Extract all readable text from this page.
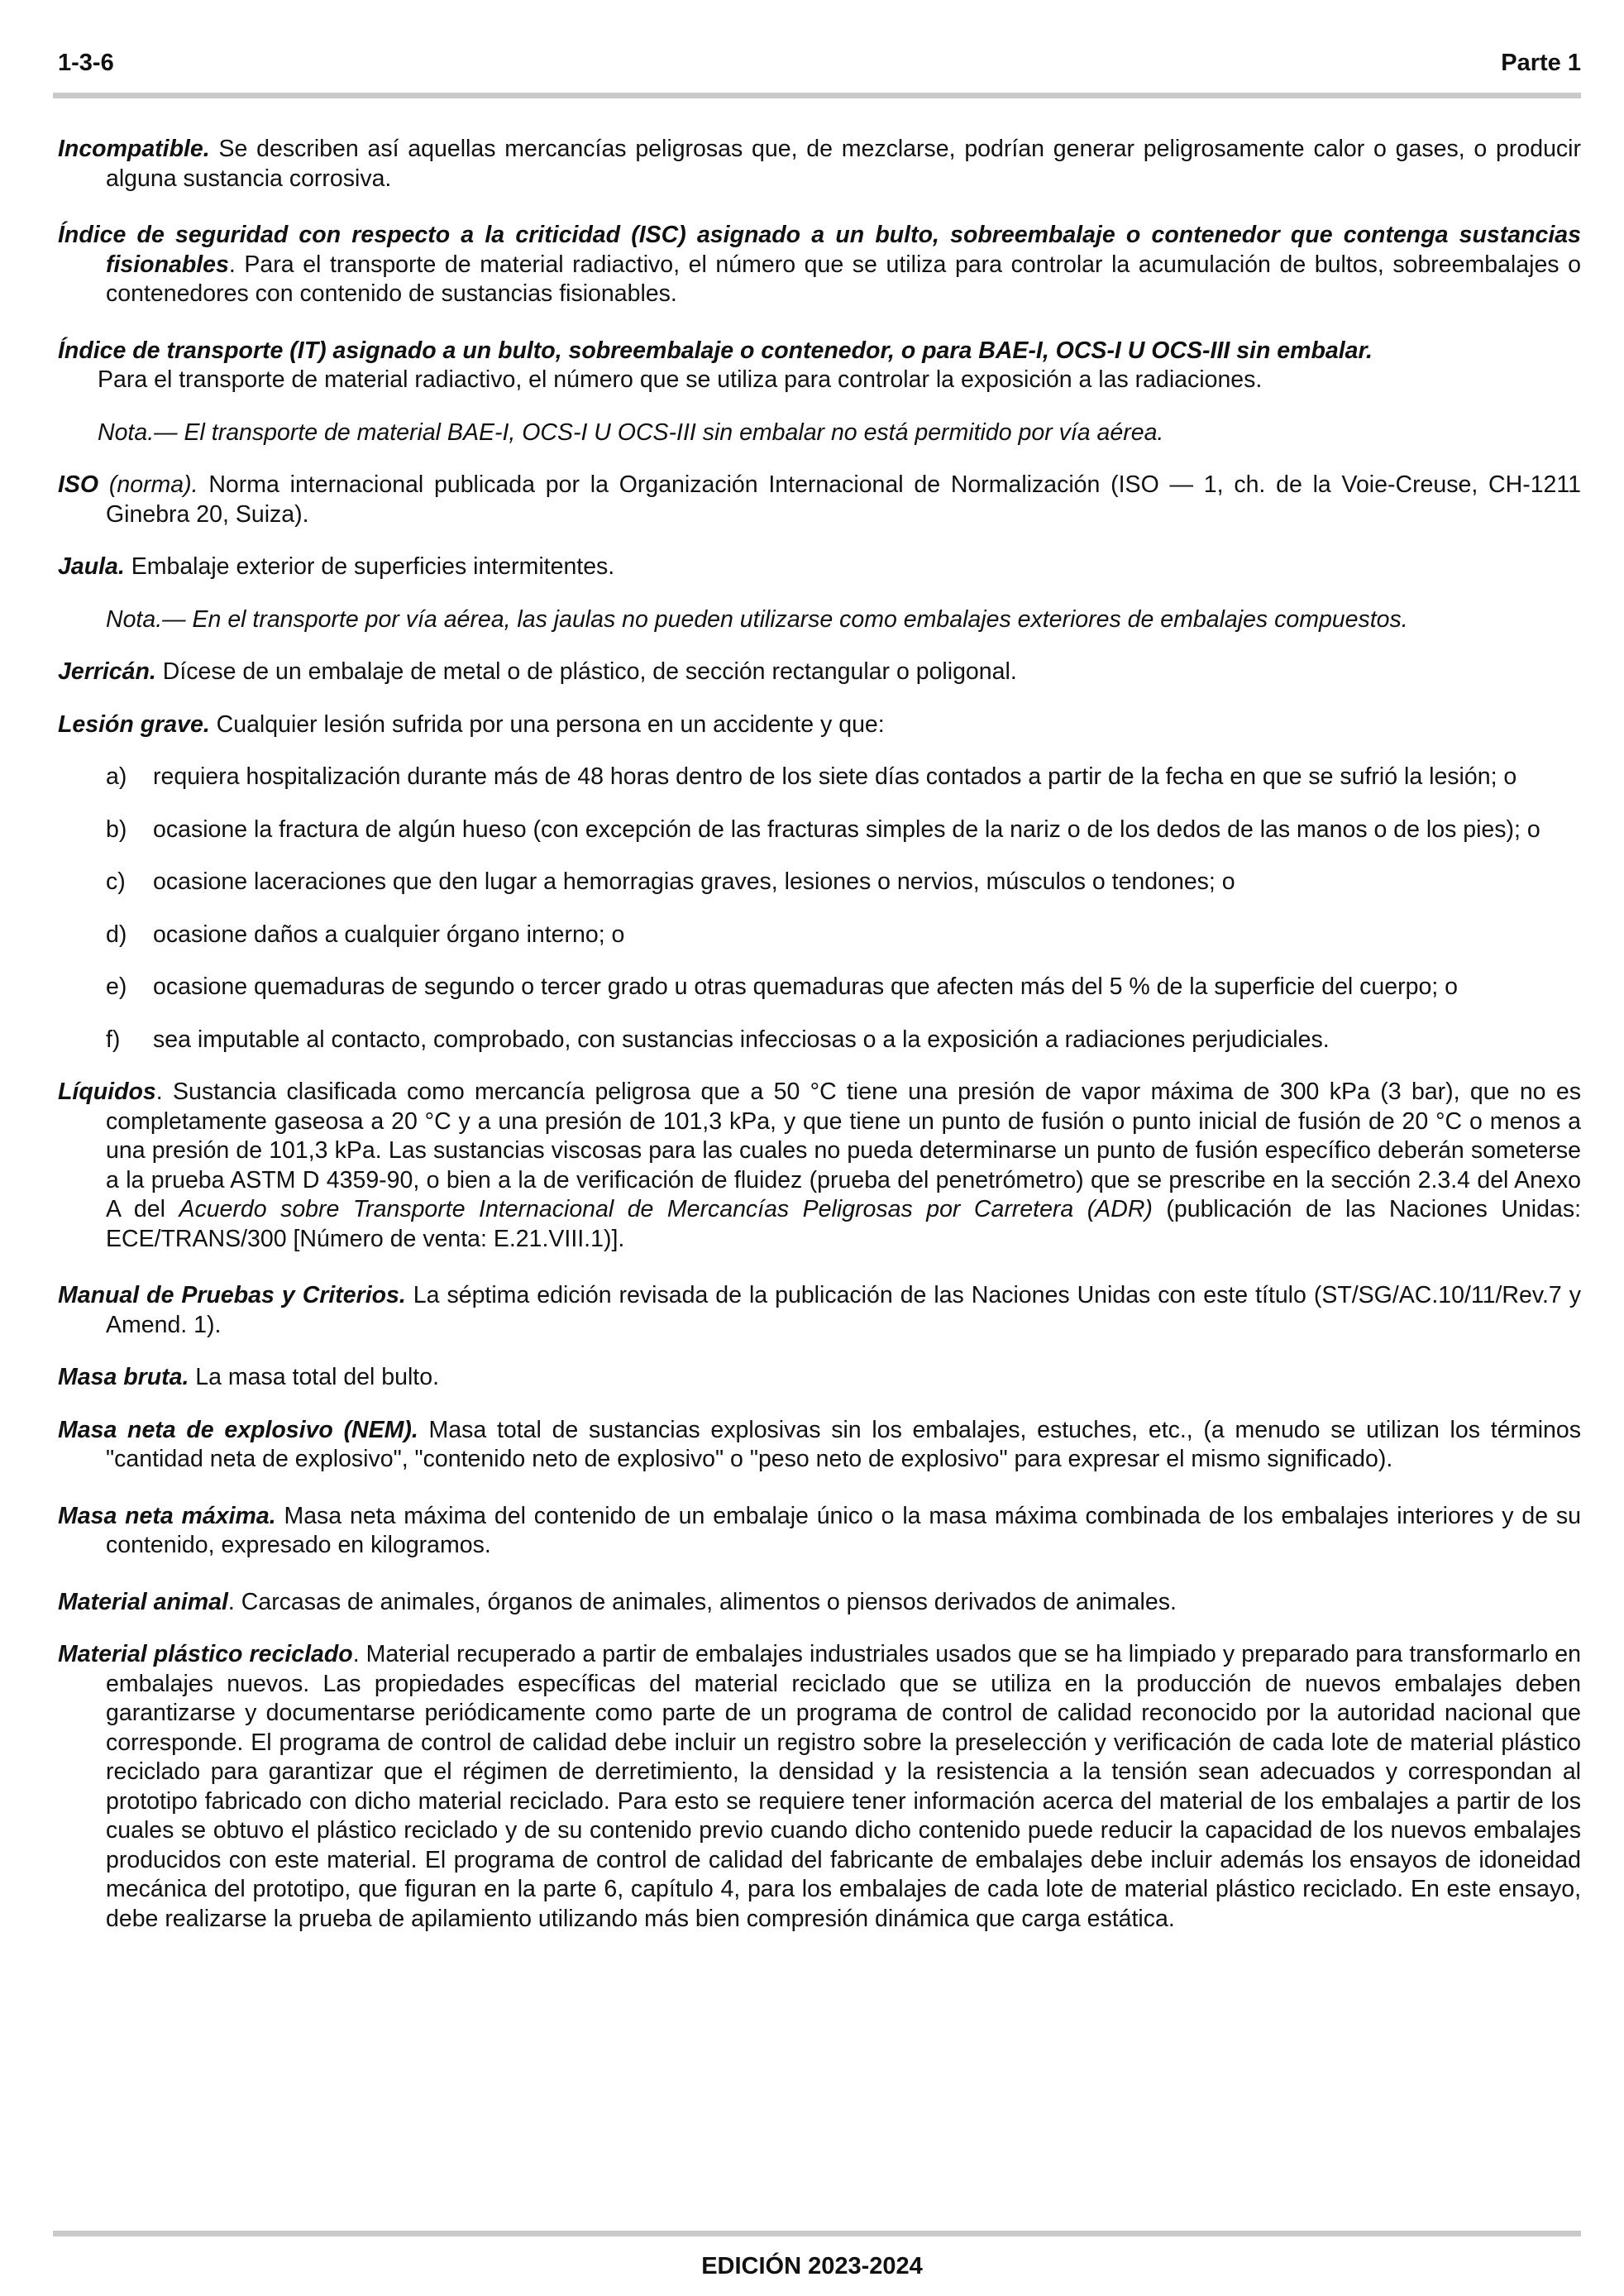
1-3-6	Parte 1

Incompatible. Se describen así aquellas mercancías peligrosas que, de mezclarse, podrían generar peligrosamente calor o gases, o producir alguna sustancia corrosiva.

Índice de seguridad con respecto a la criticidad (ISC) asignado a un bulto, sobreembalaje o contenedor que contenga sustancias fisionables. Para el transporte de material radiactivo, el número que se utiliza para controlar la acumulación de bultos, sobreembalajes o contenedores con contenido de sustancias fisionables.

Índice de transporte (IT) asignado a un bulto, sobreembalaje o contenedor, o para BAE-I, OCS-I U OCS-III sin embalar.

Para el transporte de material radiactivo, el número que se utiliza para controlar la exposición a las radiaciones.

Nota.— El transporte de material BAE-I, OCS-I U OCS-III sin embalar no está permitido por vía aérea.

ISO (norma). Norma internacional publicada por la Organización Internacional de Normalización (ISO — 1, ch. de la Voie-Creuse, CH-1211 Ginebra 20, Suiza).

Jaula. Embalaje exterior de superficies intermitentes.

Nota.— En el transporte por vía aérea, las jaulas no pueden utilizarse como embalajes exteriores de embalajes compuestos.

Jerricán. Dícese de un embalaje de metal o de plástico, de sección rectangular o poligonal.

Lesión grave. Cualquier lesión sufrida por una persona en un accidente y que:

a) requiera hospitalización durante más de 48 horas dentro de los siete días contados a partir de la fecha en que se sufrió la lesión; o
b) ocasione la fractura de algún hueso (con excepción de las fracturas simples de la nariz o de los dedos de las manos o de los pies); o
c) ocasione laceraciones que den lugar a hemorragias graves, lesiones o nervios, músculos o tendones; o
d) ocasione daños a cualquier órgano interno; o
e) ocasione quemaduras de segundo o tercer grado u otras quemaduras que afecten más del 5 % de la superficie del cuerpo; o
f) sea imputable al contacto, comprobado, con sustancias infecciosas o a la exposición a radiaciones perjudiciales.

Líquidos. Sustancia clasificada como mercancía peligrosa que a 50 °C tiene una presión de vapor máxima de 300 kPa (3 bar), que no es completamente gaseosa a 20 °C y a una presión de 101,3 kPa, y que tiene un punto de fusión o punto inicial de fusión de 20 °C o menos a una presión de 101,3 kPa. Las sustancias viscosas para las cuales no pueda determinarse un punto de fusión específico deberán someterse a la prueba ASTM D 4359-90, o bien a la de verificación de fluidez (prueba del penetrómetro) que se prescribe en la sección 2.3.4 del Anexo A del Acuerdo sobre Transporte Internacional de Mercancías Peligrosas por Carretera (ADR) (publicación de las Naciones Unidas: ECE/TRANS/300 [Número de venta: E.21.VIII.1)].

Manual de Pruebas y Criterios. La séptima edición revisada de la publicación de las Naciones Unidas con este título (ST/SG/AC.10/11/Rev.7 y Amend. 1).

Masa bruta. La masa total del bulto.

Masa neta de explosivo (NEM). Masa total de sustancias explosivas sin los embalajes, estuches, etc., (a menudo se utilizan los términos "cantidad neta de explosivo", "contenido neto de explosivo" o "peso neto de explosivo" para expresar el mismo significado).

Masa neta máxima. Masa neta máxima del contenido de un embalaje único o la masa máxima combinada de los embalajes interiores y de su contenido, expresado en kilogramos.

Material animal. Carcasas de animales, órganos de animales, alimentos o piensos derivados de animales.

Material plástico reciclado. Material recuperado a partir de embalajes industriales usados que se ha limpiado y preparado para transformarlo en embalajes nuevos. Las propiedades específicas del material reciclado que se utiliza en la producción de nuevos embalajes deben garantizarse y documentarse periódicamente como parte de un programa de control de calidad reconocido por la autoridad nacional que corresponde. El programa de control de calidad debe incluir un registro sobre la preselección y verificación de cada lote de material plástico reciclado para garantizar que el régimen de derretimiento, la densidad y la resistencia a la tensión sean adecuados y correspondan al prototipo fabricado con dicho material reciclado. Para esto se requiere tener información acerca del material de los embalajes a partir de los cuales se obtuvo el plástico reciclado y de su contenido previo cuando dicho contenido puede reducir la capacidad de los nuevos embalajes producidos con este material. El programa de control de calidad del fabricante de embalajes debe incluir además los ensayos de idoneidad mecánica del prototipo, que figuran en la parte 6, capítulo 4, para los embalajes de cada lote de material plástico reciclado. En este ensayo, debe realizarse la prueba de apilamiento utilizando más bien compresión dinámica que carga estática.

EDICIÓN 2023-2024
